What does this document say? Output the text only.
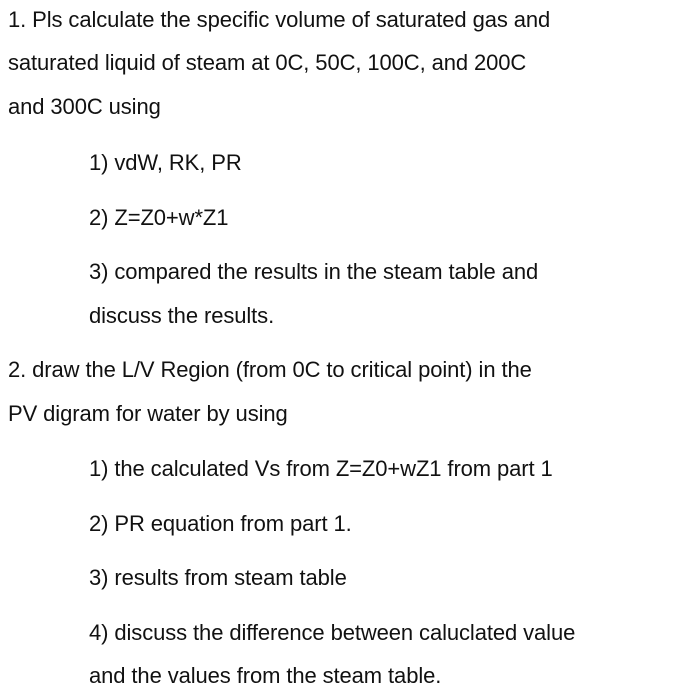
1. Pls calculate the specific volume of saturated gas and
saturated liquid of steam at 0C, 50C, 100C, and 200C
and 300C using
1) vdW, RK, PR
2) Z=Z0+w*Z1
3) compared the results in the steam table and
discuss the results.
2. draw the L/V Region (from 0C to critical point) in the
PV digram for water by using
1) the calculated Vs from Z=Z0+wZ1 from part 1
2) PR equation from part 1.
3) results from steam table
4) discuss the difference between caluclated value
and the values from the steam table.
